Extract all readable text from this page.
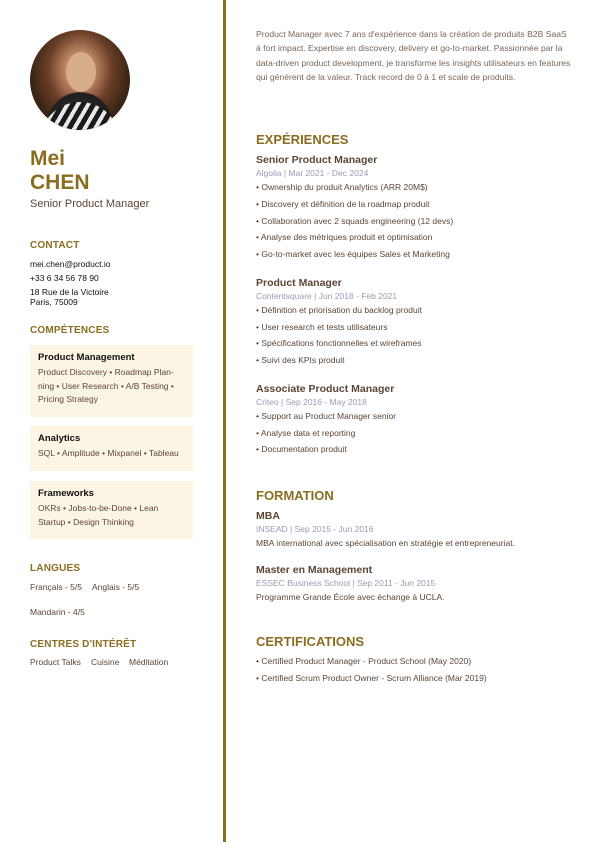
Mei
CHEN
Senior Product Manager
CONTACT
mei.chen@product.io
+33 6 34 56 78 90
18 Rue de la Victoire
Paris, 75009
COMPÉTENCES
Product Management
Product Discovery • Roadmap Plan-
ning • User Research • A/B Testing •
Pricing Strategy
Analytics
SQL • Amplitude • Mixpanel • Tableau
Frameworks
OKRs • Jobs-to-be-Done • Lean
Startup • Design Thinking
LANGUES
Français - 5/5 Anglais - 5/5
Mandarin - 4/5
CENTRES D'INTÉRÊT
Product Talks Cuisine Méditation

Product Manager avec 7 ans d'expérience dans la création de produits B2B SaaS à fort impact. Expertise en discovery, delivery et go-to-market. Passionnée par la data-driven product development, je transforme les insights utilisateurs en features qui génèrent de la valeur. Track record de 0 à 1 et scale de produits.

EXPÉRIENCES
Senior Product Manager
Algolia | Mar 2021 - Dec 2024
• Ownership du produit Analytics (ARR 20M$)
• Discovery et définition de la roadmap produit
• Collaboration avec 2 squads engineering (12 devs)
• Analyse des métriques produit et optimisation
• Go-to-market avec les équipes Sales et Marketing
Product Manager
Contentsquare | Jun 2018 - Feb 2021
• Définition et priorisation du backlog produit
• User research et tests utilisateurs
• Spécifications fonctionnelles et wireframes
• Suivi des KPIs produit
Associate Product Manager
Criteo | Sep 2016 - May 2018
• Support au Product Manager senior
• Analyse data et reporting
• Documentation produit
FORMATION
MBA
INSEAD | Sep 2015 - Jun 2016
MBA international avec spécialisation en stratégie et entrepreneuriat.
Master en Management
ESSEC Business School | Sep 2011 - Jun 2015
Programme Grande École avec échange à UCLA.
CERTIFICATIONS
• Certified Product Manager - Product School (May 2020)
• Certified Scrum Product Owner - Scrum Alliance (Mar 2019)
